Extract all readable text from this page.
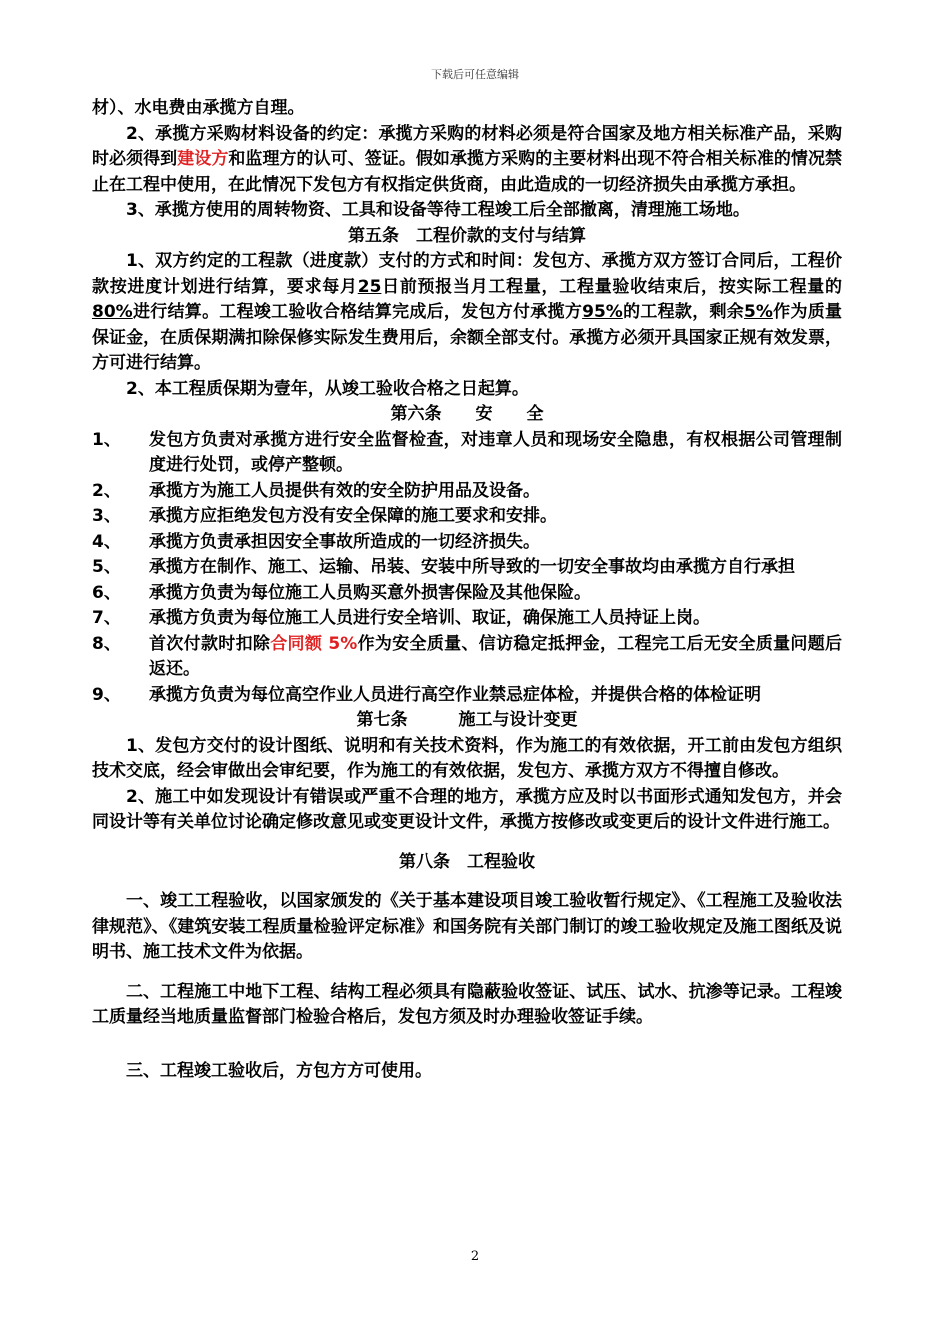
下载后可任意编辑

材）、水电费由承揽方自理。

2、承揽方采购材料设备的约定：承揽方采购的材料必须是符合国家及地方相关标准产品，采购时必须得到建设方和监理方的认可、签证。假如承揽方采购的主要材料出现不符合相关标准的情况禁止在工程中使用，在此情况下发包方有权指定供货商，由此造成的一切经济损失由承揽方承担。

3、承揽方使用的周转物资、工具和设备等待工程竣工后全部撤离，清理施工场地。

第五条　工程价款的支付与结算

1、双方约定的工程款（进度款）支付的方式和时间：发包方、承揽方双方签订合同后，工程价款按进度计划进行结算，要求每月25日前预报当月工程量，工程量验收结束后，按实际工程量的80%进行结算。工程竣工验收合格结算完成后，发包方付承揽方95%的工程款，剩余5%作为质量保证金，在质保期满扣除保修实际发生费用后，余额全部支付。承揽方必须开具国家正规有效发票，方可进行结算。

2、本工程质保期为壹年，从竣工验收合格之日起算。

第六条　　安　　全

1、	发包方负责对承揽方进行安全监督检查，对违章人员和现场安全隐患，有权根据公司管理制度进行处罚，或停产整顿。
2、	承揽方为施工人员提供有效的安全防护用品及设备。
3、	承揽方应拒绝发包方没有安全保障的施工要求和安排。
4、	承揽方负责承担因安全事故所造成的一切经济损失。
5、	承揽方在制作、施工、运输、吊装、安装中所导致的一切安全事故均由承揽方自行承担
6、	承揽方负责为每位施工人员购买意外损害保险及其他保险。
7、	承揽方负责为每位施工人员进行安全培训、取证，确保施工人员持证上岗。
8、	首次付款时扣除合同额 5%作为安全质量、信访稳定抵押金，工程完工后无安全质量问题后返还。
9、	承揽方负责为每位高空作业人员进行高空作业禁忌症体检，并提供合格的体检证明

第七条　　　施工与设计变更

1、发包方交付的设计图纸、说明和有关技术资料，作为施工的有效依据，开工前由发包方组织技术交底，经会审做出会审纪要，作为施工的有效依据，发包方、承揽方双方不得擅自修改。

2、施工中如发现设计有错误或严重不合理的地方，承揽方应及时以书面形式通知发包方，并会同设计等有关单位讨论确定修改意见或变更设计文件，承揽方按修改或变更后的设计文件进行施工。

第八条　工程验收

一、竣工工程验收，以国家颁发的《关于基本建设项目竣工验收暂行规定》、《工程施工及验收法律规范》、《建筑安装工程质量检验评定标准》和国务院有关部门制订的竣工验收规定及施工图纸及说明书、施工技术文件为依据。

二、工程施工中地下工程、结构工程必须具有隐蔽验收签证、试压、试水、抗渗等记录。工程竣工质量经当地质量监督部门检验合格后，发包方须及时办理验收签证手续。

三、工程竣工验收后，方包方方可使用。

2
